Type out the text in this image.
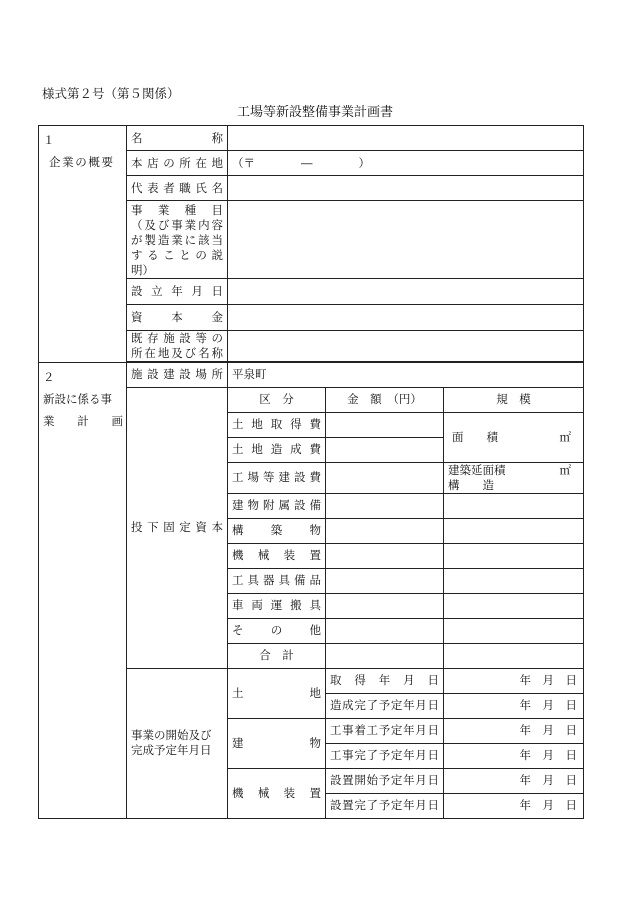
様式第２号（第５関係）
工場等新設整備事業計画書
１
企業の概要	名　　　　称			
	本店の所在地	（〒　　　　―　　　　）		
	代表者職氏名			

	事　業　種　目
（及び事業内容
が製造業に該当
することの説
明）			

	設立年月日			
	資本金			

	既存施設等の
所在地及び名称			

２
新設に係る事業計画	施設建設場所	平泉町		
	投下固定資本	区　分	金　額　（円）	規　模
		土地取得費		面　　積 ㎡

		土地造成費		
		工場等建設費		建築延面積 ㎡
構　　造

		建物附属設備		
		構築物		
		機械装置		
		工具器具備品		
		車両運搬具		
		その他		
		合　計		

	事業の開始及び
完成予定年月日	土　　地	取得年月日	年　月　日
			造成完了予定年月日	年　月　日
		建　　物	工事着工予定年月日	年　月　日
			工事完了予定年月日	年　月　日
		機械装置	設置開始予定年月日	年　月　日
			設置完了予定年月日	年　月　日
